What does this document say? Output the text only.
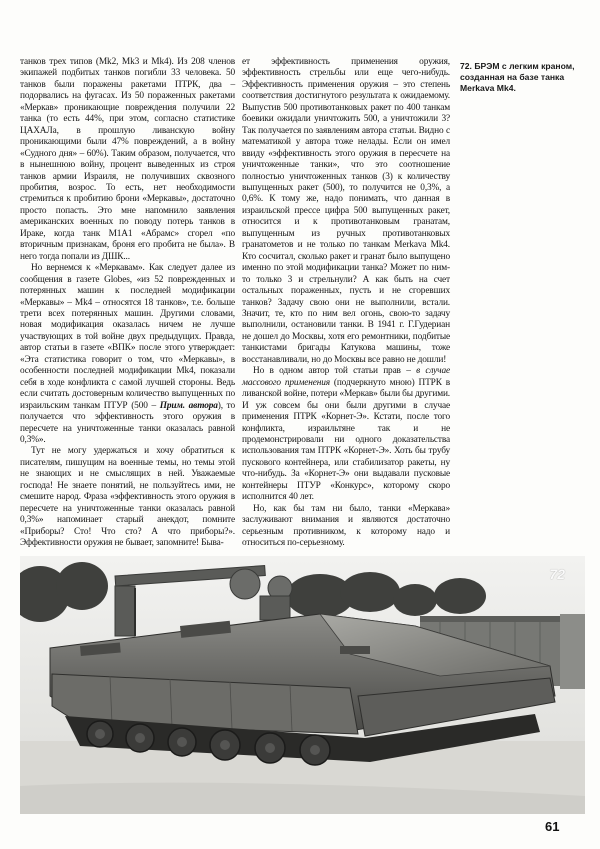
танков трех типов (Mk2, Mk3 и Mk4). Из 208 членов экипажей подбитых танков погибли 33 человека. 50 танков были поражены ракетами ПТРК, два – подорвались на фугасах. Из 50 пораженных ракетами «Меркав» проникающие повреждения получили 22 танка (то есть 44%, при этом, согласно статистике ЦАХАЛа, в прошлую ливанскую войну проникающими были 47% повреждений, а в войну «Судного дня» – 60%). Таким образом, получается, что в нынешнюю войну, процент выведенных из строя танков армии Израиля, не получивших сквозного пробития, возрос. То есть, нет необходимости стремиться к пробитию брони «Меркавы», достаточно просто попасть. Это мне напомнило заявления американских военных по поводу потерь танков в Ираке, когда танк M1A1 «Абрамс» сгорел «по вторичным признакам, броня его пробита не была». В него тогда попали из ДШК...

Но вернемся к «Меркавам». Как следует далее из сообщения в газете Globes, «из 52 поврежденных и потерянных машин к последней модификации «Меркавы» – Mk4 – относятся 18 танков», т.е. больше трети всех потерянных машин. Другими словами, новая модификация оказалась ничем не лучше участвующих в той войне двух предыдущих. Правда, автор статьи в газете «ВПК» после этого утверждает: «Эта статистика говорит о том, что «Меркавы», в особенности последней модификации Mk4, показали себя в ходе конфликта с самой лучшей стороны. Ведь если считать достоверным количество выпущенных по израильским танкам ПТУР (500 – Прим. автора), то получается что эффективность этого оружия в пересчете на уничтоженные танки оказалась равной 0,3%».

Тут не могу удержаться и хочу обратиться к писателям, пишущим на военные темы, но темы этой не знающих и не смыслящих в ней. Уважаемые господа! Не знаете понятий, не пользуйтесь ими, не смешите народ. Фраза «эффективность этого оружия в пересчете на уничтоженные танки оказалась равной 0,3%» напоминает старый анекдот, помните «Приборы? Сто! Что сто? А что приборы?». Эффективности оружия не бывает, запомните! Быва-

ет эффективность применения оружия, эффективность стрельбы или еще чего-нибудь. Эффективность применения оружия – это степень соответствия достигнутого результата к ожидаемому. Выпустив 500 противотанковых ракет по 400 танкам боевики ожидали уничтожить 500, а уничтожили 3? Так получается по заявлениям автора статьи. Видно с математикой у автора тоже нелады. Если он имел ввиду «эффективность этого оружия в пересчете на уничтоженные танки», что это соотношение полностью уничтоженных танков (3) к количеству выпущенных ракет (500), то получится не 0,3%, а 0,6%. К тому же, надо понимать, что данная в израильской прессе цифра 500 выпущенных ракет, относится и к противотанковым гранатам, выпущенным из ручных противотанковых гранатометов и не только по танкам Merkava Mk4. Кто сосчитал, сколько ракет и гранат было выпущено именно по этой модификации танка? Может по ним-то только 3 и стрельнули? А как быть на счет остальных пораженных, пусть и не сгоревших танков? Задачу свою они не выполнили, встали. Значит, те, кто по ним вел огонь, свою-то задачу выполнили, остановили танки. В 1941 г. Г.Гудериан не дошел до Москвы, хотя его ремонтники, подбитые танкистами бригады Катукова машины, тоже восстанавливали, но до Москвы все равно не дошли!

Но в одном автор той статьи прав – в случае массового применения (подчеркнуто мною) ПТРК в ливанской войне, потери «Меркав» были бы другими. И уж совсем бы они были другими в случае применения ПТРК «Корнет-Э». Кстати, после того конфликта, израильтяне так и не продемонстрировали ни одного доказательства использования там ПТРК «Корнет-Э». Хоть бы трубу пускового контейнера, или стабилизатор ракеты, ну что-нибудь. За «Корнет-Э» они выдавали пусковые контейнеры ПТУР «Конкурс», которому скоро исполнится 40 лет.

Но, как бы там ни было, танки «Меркава» заслуживают внимания и являются достаточно серьезным противником, к которому надо и относиться по-серьезному.

72. БРЭМ с легким краном, созданная на базе танка Merkava Mk4.
72
61
